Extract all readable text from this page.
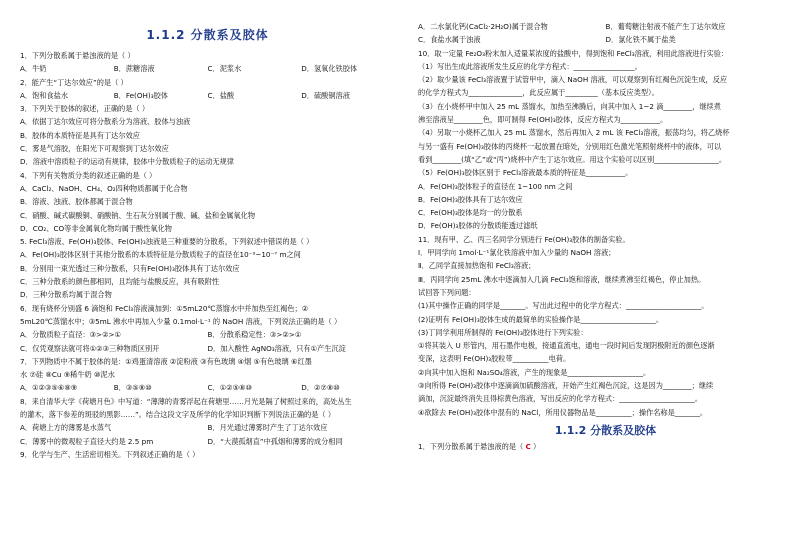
1.1.2 分散系及胶体
1．下列分散系属于悬浊液的是（ ）
A．牛奶	B．蔗糖溶液	C．泥浆水	D．氢氧化铁胶体
2．能产生“丁达尔效应”的是（ ）
A．饱和食盐水	B．Fe(OH)₃胶体	C．盐酸	D．硫酸铜溶液
3．下列关于胶体的叙述，正确的是（ ）
A．依据丁达尔效应可将分散系分为溶液、胶体与浊液
B．胶体的本质特征是具有丁达尔效应
C．雾是气溶胶，在阳光下可观察到丁达尔效应
D．溶液中溶质粒子的运动有规律，胶体中分散质粒子的运动无规律
4．下列有关物质分类的叙述正确的是（ ）
A．CaCl₂、NaOH、CH₄、O₂四种物质都属于化合物
B．溶液、浊液、胶体都属于混合物
C．硝酸、碱式碳酸铜、硝酸钠、生石灰分别属于酸、碱、盐和金属氧化物
D．CO₂、CO等非金属氧化物均属于酸性氧化物
5. FeCl₃溶液、Fe(OH)₃胶体、Fe(OH)₃浊液是三种重要的分散系，下列叙述中错误的是（ ）
A．Fe(OH)₃胶体区别于其他分散系的本质特征是分散质粒子的直径在10⁻⁹~10⁻⁷ m之间
B．分别用一束光透过三种分散系，只有Fe(OH)₃胶体具有丁达尔效应
C．三种分散系的颜色都相同，且均能与盐酸反应，具有吸附性
D．三种分散系均属于混合物
6．现有烧杯分别盛 6 滴饱和 FeCl₃溶液滴加到：①5mL20℃蒸馏水中并加热至红褐色；②
5mL20℃蒸馏水中；③5mL 沸水中再加入少量 0.1mol·L⁻¹ 的 NaOH 溶液，下列说法正确的是（ ）
A．分散质粒子直径：③>②>①	B．分散系稳定性：③>②>①
C．仅凭观察法就可将①②③三种物质区别开	D．加入酸性 AgNO₃溶液，只有①产生沉淀
7．下列物质中不属于胶体的是：①鸡蛋清溶液 ②淀粉液 ③有色玻璃 ④烟 ⑤有色玻璃 ⑥红墨
水 ⑦硅 ⑧Cu ⑨稀牛奶 ⑩泥水
A．①②③⑤⑥⑧⑨	B．③⑤⑧⑩	C．①②⑤⑧⑩	D．②⑦⑧⑩
8．来自清华大学《荷塘月色》中写道：“薄薄的青雾浮起在荷塘里……月光是隔了树照过来的，高处丛生
的灌木，落下参差的斑驳的黑影……”。结合这段文字及所学的化学知识判断下列说法正确的是（ ）
A．荷塘上方的薄雾是水蒸气	B．月光通过薄雾时产生了丁达尔效应
C．薄雾中的微观粒子直径大约是 2.5 pm	D．“大漠孤烟直”中孤烟和薄雾的成分相同
9．化学与生产、生活密切相关。下列叙述正确的是（ ）
A．二水氯化钙(CaCl₂·2H₂O)属于混合物	B．葡萄糖注射液不能产生丁达尔效应
C．食盐水属于浊液	D．氯化铁不属于盐类
10．取一定量 Fe₂O₃粉末加入适量某浓度的盐酸中，得到饱和 FeCl₃溶液，利用此溶液进行实验：
（1）写出生成此溶液所发生反应的化学方程式：_________________。
（2）取少量该 FeCl₃溶液置于试管甲中，滴入 NaOH 溶液，可以观察到有红褐色沉淀生成，反应
的化学方程式为_______________，此反应属于_________（基本反应类型）。
（3）在小烧杯甲中加入 25 mL 蒸馏水，加热至沸腾后，向其中加入 1~2 滴________，继续煮
沸至溶液呈________色，即可制得 Fe(OH)₃胶体，反应方程式为___________。
（4）另取一小烧杯乙加入 25 mL 蒸馏水，然后再加入 2 mL 该 FeCl₃溶液，振荡均匀，将乙烧杯
与另一盛有 Fe(OH)₃胶体的丙烧杯一起放置在暗处，分别用红色激光笔照射烧杯中的液体，可以
看到________(填“乙”或“丙”)烧杯中产生丁达尔效应。用这个实验可以区别__________________。
（5）Fe(OH)₃胶体区别于 FeCl₃溶液最本质的特征是___________。
A．Fe(OH)₃胶体粒子的直径在 1~100 nm 之间
B．Fe(OH)₃胶体具有丁达尔效应
C．Fe(OH)₃胶体是均一的分散系
D．Fe(OH)₃胶体的分散质能透过滤纸
11．现有甲、乙、丙三名同学分别进行 Fe(OH)₃胶体的制备实验。
Ⅰ．甲同学向 1mol·L⁻¹氯化铁溶液中加入少量的 NaOH 溶液；
Ⅱ．乙同学直接加热饱和 FeCl₃溶液；
Ⅲ．丙同学向 25mL 沸水中逐滴加入几滴 FeCl₃饱和溶液，继续煮沸至红褐色，停止加热。
试回答下列问题：
(1)其中操作正确的同学是_______。写出此过程中的化学方程式：_____________________。
(2)证明有 Fe(OH)₃胶体生成的最简单的实验操作是_____________________。
(3)丁同学利用所制得的 Fe(OH)₃胶体进行下列实验：
①将其装入 U 形管内，用石墨作电极，接通直流电，通电一段时间后发现阴极附近的颜色逐渐
变深，这表明 Fe(OH)₃胶粒带__________电荷。
②向其中加入饱和 Na₂SO₄溶液，产生的现象是_____________________。
③向所得 Fe(OH)₃胶体中逐滴滴加硫酸溶液，开始产生红褐色沉淀，这是因为________；继续
滴加，沉淀最终消失且得棕黄色溶液，写出反应的化学方程式：_____________________。
④欲除去 Fe(OH)₃胶体中混有的 NaCl，所用仪器物品是__________；操作名称是_______。
1.1.2 分散系及胶体
1．下列分散系属于悬浊液的是（ C ）
